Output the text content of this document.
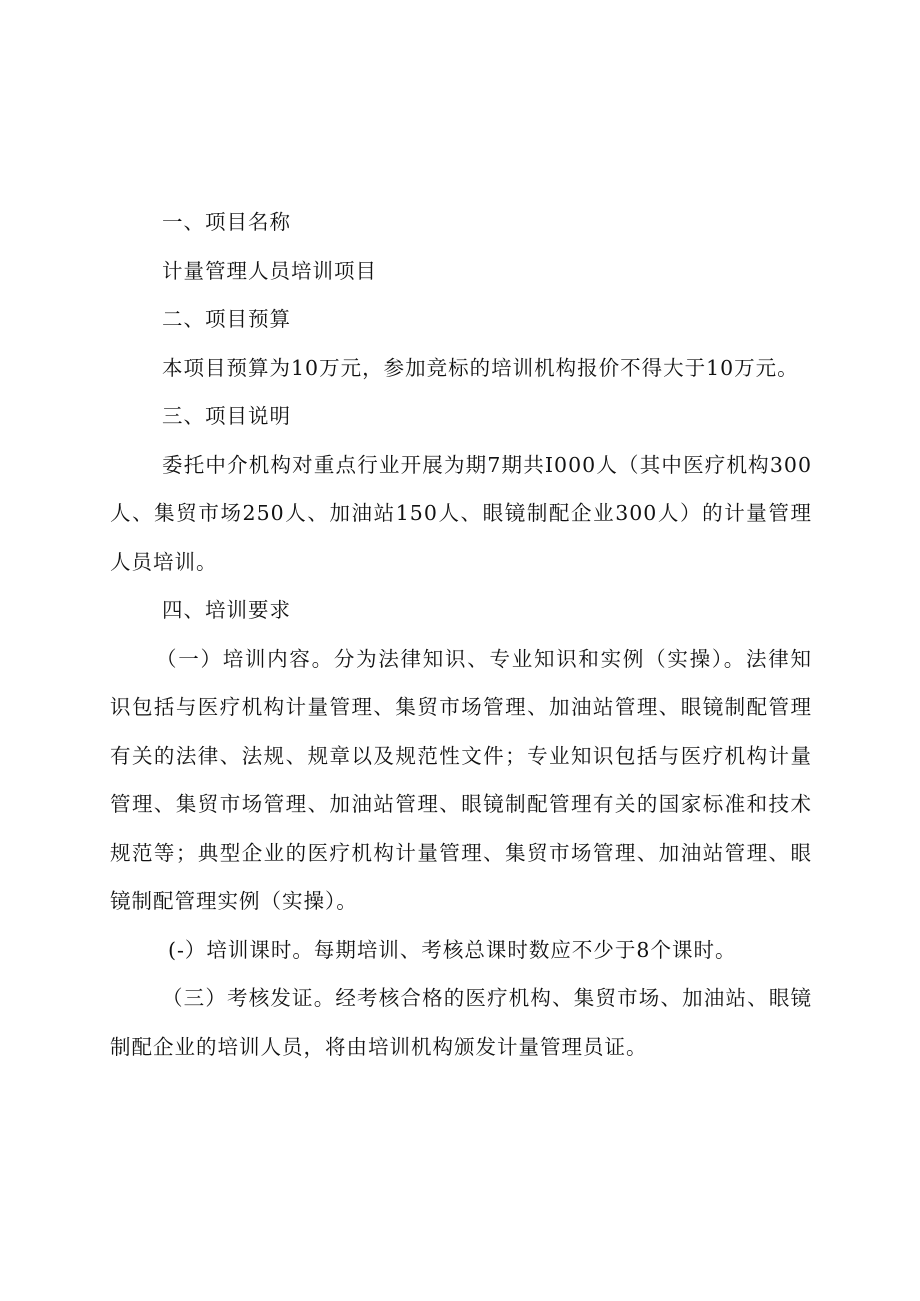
一、项目名称

计量管理人员培训项目

二、项目预算

本项目预算为10万元，参加竞标的培训机构报价不得大于10万元。

三、项目说明

委托中介机构对重点行业开展为期7期共I000人（其中医疗机构300人、集贸市场250人、加油站150人、眼镜制配企业300人）的计量管理人员培训。

四、培训要求

（一）培训内容。分为法律知识、专业知识和实例（实操）。法律知识包括与医疗机构计量管理、集贸市场管理、加油站管理、眼镜制配管理有关的法律、法规、规章以及规范性文件；专业知识包括与医疗机构计量管理、集贸市场管理、加油站管理、眼镜制配管理有关的国家标准和技术规范等；典型企业的医疗机构计量管理、集贸市场管理、加油站管理、眼镜制配管理实例（实操）。

(-）培训课时。每期培训、考核总课时数应不少于8个课时。

（三）考核发证。经考核合格的医疗机构、集贸市场、加油站、眼镜制配企业的培训人员，将由培训机构颁发计量管理员证。
